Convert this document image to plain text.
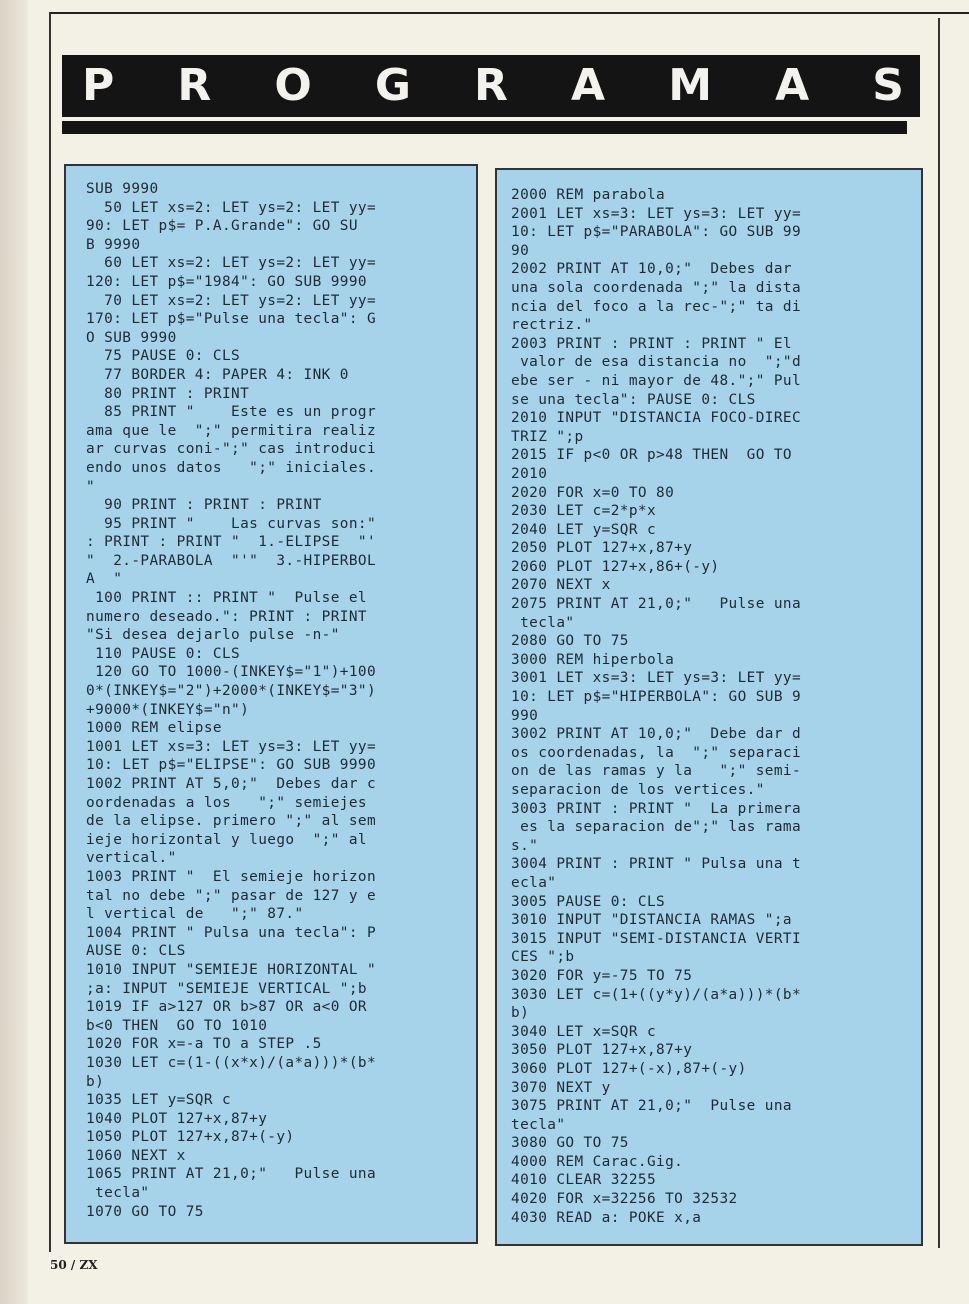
P R O G R A M A S
SUB 9990
50 LET xs=2: LET ys=2: LET yy=
90: LET p$= P.A.Grande": GO SU
B 9990
60 LET xs=2: LET ys=2: LET yy=
120: LET p$="1984": GO SUB 9990
70 LET xs=2: LET ys=2: LET yy=
170: LET p$="Pulse una tecla": G
O SUB 9990
75 PAUSE 0: CLS
77 BORDER 4: PAPER 4: INK 0
80 PRINT : PRINT
85 PRINT "    Este es un progr
ama que le  ";" permitira realiz
ar curvas coni-";" cas introduci
endo unos datos   ";" iniciales.
"
90 PRINT : PRINT : PRINT
95 PRINT "    Las curvas son:"
: PRINT : PRINT "  1.-ELIPSE  "'
"  2.-PARABOLA  "'"  3.-HIPERBOL
A  "
100 PRINT :: PRINT "  Pulse el
numero deseado.": PRINT : PRINT
"Si desea dejarlo pulse -n-"
110 PAUSE 0: CLS
120 GO TO 1000-(INKEY$="1")+100
0*(INKEY$="2")+2000*(INKEY$="3")
+9000*(INKEY$="n")
1000 REM elipse
1001 LET xs=3: LET ys=3: LET yy=
10: LET p$="ELIPSE": GO SUB 9990
1002 PRINT AT 5,0;"  Debes dar c
oordenadas a los   ";" semiejes
de la elipse. primero ";" al sem
ieje horizontal y luego  ";" al
vertical."
1003 PRINT "  El semieje horizon
tal no debe ";" pasar de 127 y e
l vertical de   ";" 87."
1004 PRINT " Pulsa una tecla": P
AUSE 0: CLS
1010 INPUT "SEMIEJE HORIZONTAL "
;a: INPUT "SEMIEJE VERTICAL ";b
1019 IF a>127 OR b>87 OR a<0 OR
b<0 THEN  GO TO 1010
1020 FOR x=-a TO a STEP .5
1030 LET c=(1-((x*x)/(a*a)))*(b*
b)
1035 LET y=SQR c
1040 PLOT 127+x,87+y
1050 PLOT 127+x,87+(-y)
1060 NEXT x
1065 PRINT AT 21,0;"   Pulse una
tecla"
1070 GO TO 75
2000 REM parabola
2001 LET xs=3: LET ys=3: LET yy=
10: LET p$="PARABOLA": GO SUB 99
90
2002 PRINT AT 10,0;"  Debes dar
una sola coordenada ";" la dista
ncia del foco a la rec-";" ta di
rectriz."
2003 PRINT : PRINT : PRINT " El
valor de esa distancia no  ";"d
ebe ser - ni mayor de 48.";" Pul
se una tecla": PAUSE 0: CLS
2010 INPUT "DISTANCIA FOCO-DIREC
TRIZ ";p
2015 IF p<0 OR p>48 THEN  GO TO
2010
2020 FOR x=0 TO 80
2030 LET c=2*p*x
2040 LET y=SQR c
2050 PLOT 127+x,87+y
2060 PLOT 127+x,86+(-y)
2070 NEXT x
2075 PRINT AT 21,0;"   Pulse una
tecla"
2080 GO TO 75
3000 REM hiperbola
3001 LET xs=3: LET ys=3: LET yy=
10: LET p$="HIPERBOLA": GO SUB 9
990
3002 PRINT AT 10,0;"  Debe dar d
os coordenadas, la  ";" separaci
on de las ramas y la   ";" semi-
separacion de los vertices."
3003 PRINT : PRINT "  La primera
es la separacion de";" las rama
s."
3004 PRINT : PRINT " Pulsa una t
ecla"
3005 PAUSE 0: CLS
3010 INPUT "DISTANCIA RAMAS ";a
3015 INPUT "SEMI-DISTANCIA VERTI
CES ";b
3020 FOR y=-75 TO 75
3030 LET c=(1+((y*y)/(a*a)))*(b*
b)
3040 LET x=SQR c
3050 PLOT 127+x,87+y
3060 PLOT 127+(-x),87+(-y)
3070 NEXT y
3075 PRINT AT 21,0;"  Pulse una
tecla"
3080 GO TO 75
4000 REM Carac.Gig.
4010 CLEAR 32255
4020 FOR x=32256 TO 32532
4030 READ a: POKE x,a
50 / ZX
